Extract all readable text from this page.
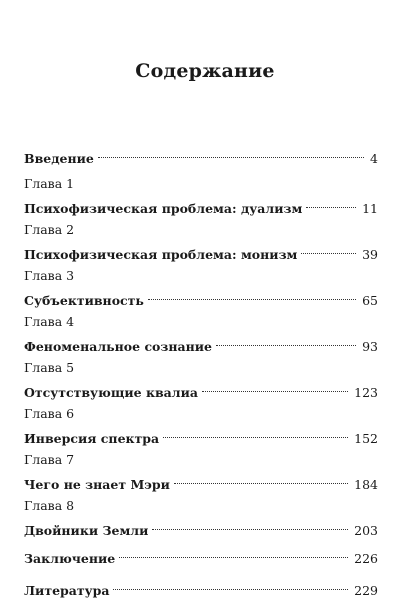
Содержание
Введение	4
Глава 1
Психофизическая проблема: дуализм	11
Глава 2
Психофизическая проблема: монизм	39
Глава 3
Субъективность	65
Глава 4
Феноменальное сознание	93
Глава 5
Отсутствующие квалиа	123
Глава 6
Инверсия спектра	152
Глава 7
Чего не знает Мэри	184
Глава 8
Двойники Земли	203
Заключение	226
Литература	229
